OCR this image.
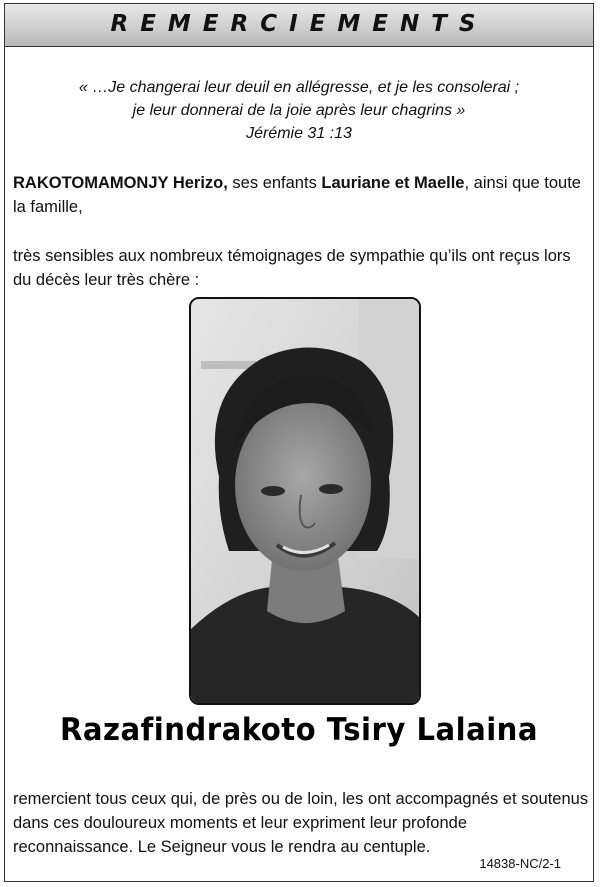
REMERCIEMENTS
« …Je changerai leur deuil en allégresse, et je les consolerai ;
je leur donnerai de la joie après leur chagrins »
Jérémie 31 :13
RAKOTOMAMONJY Herizo, ses enfants Lauriane et Maelle, ainsi que toute la famille,
très sensibles aux nombreux témoignages de sympathie qu’ils ont reçus lors du décès leur très chère :
Razafindrakoto Tsiry Lalaina
remercient tous ceux qui, de près ou de loin, les ont accompagnés et soutenus dans ces douloureux moments et leur expriment leur profonde reconnaissance. Le Seigneur vous le rendra au centuple.
14838-NC/2-1
